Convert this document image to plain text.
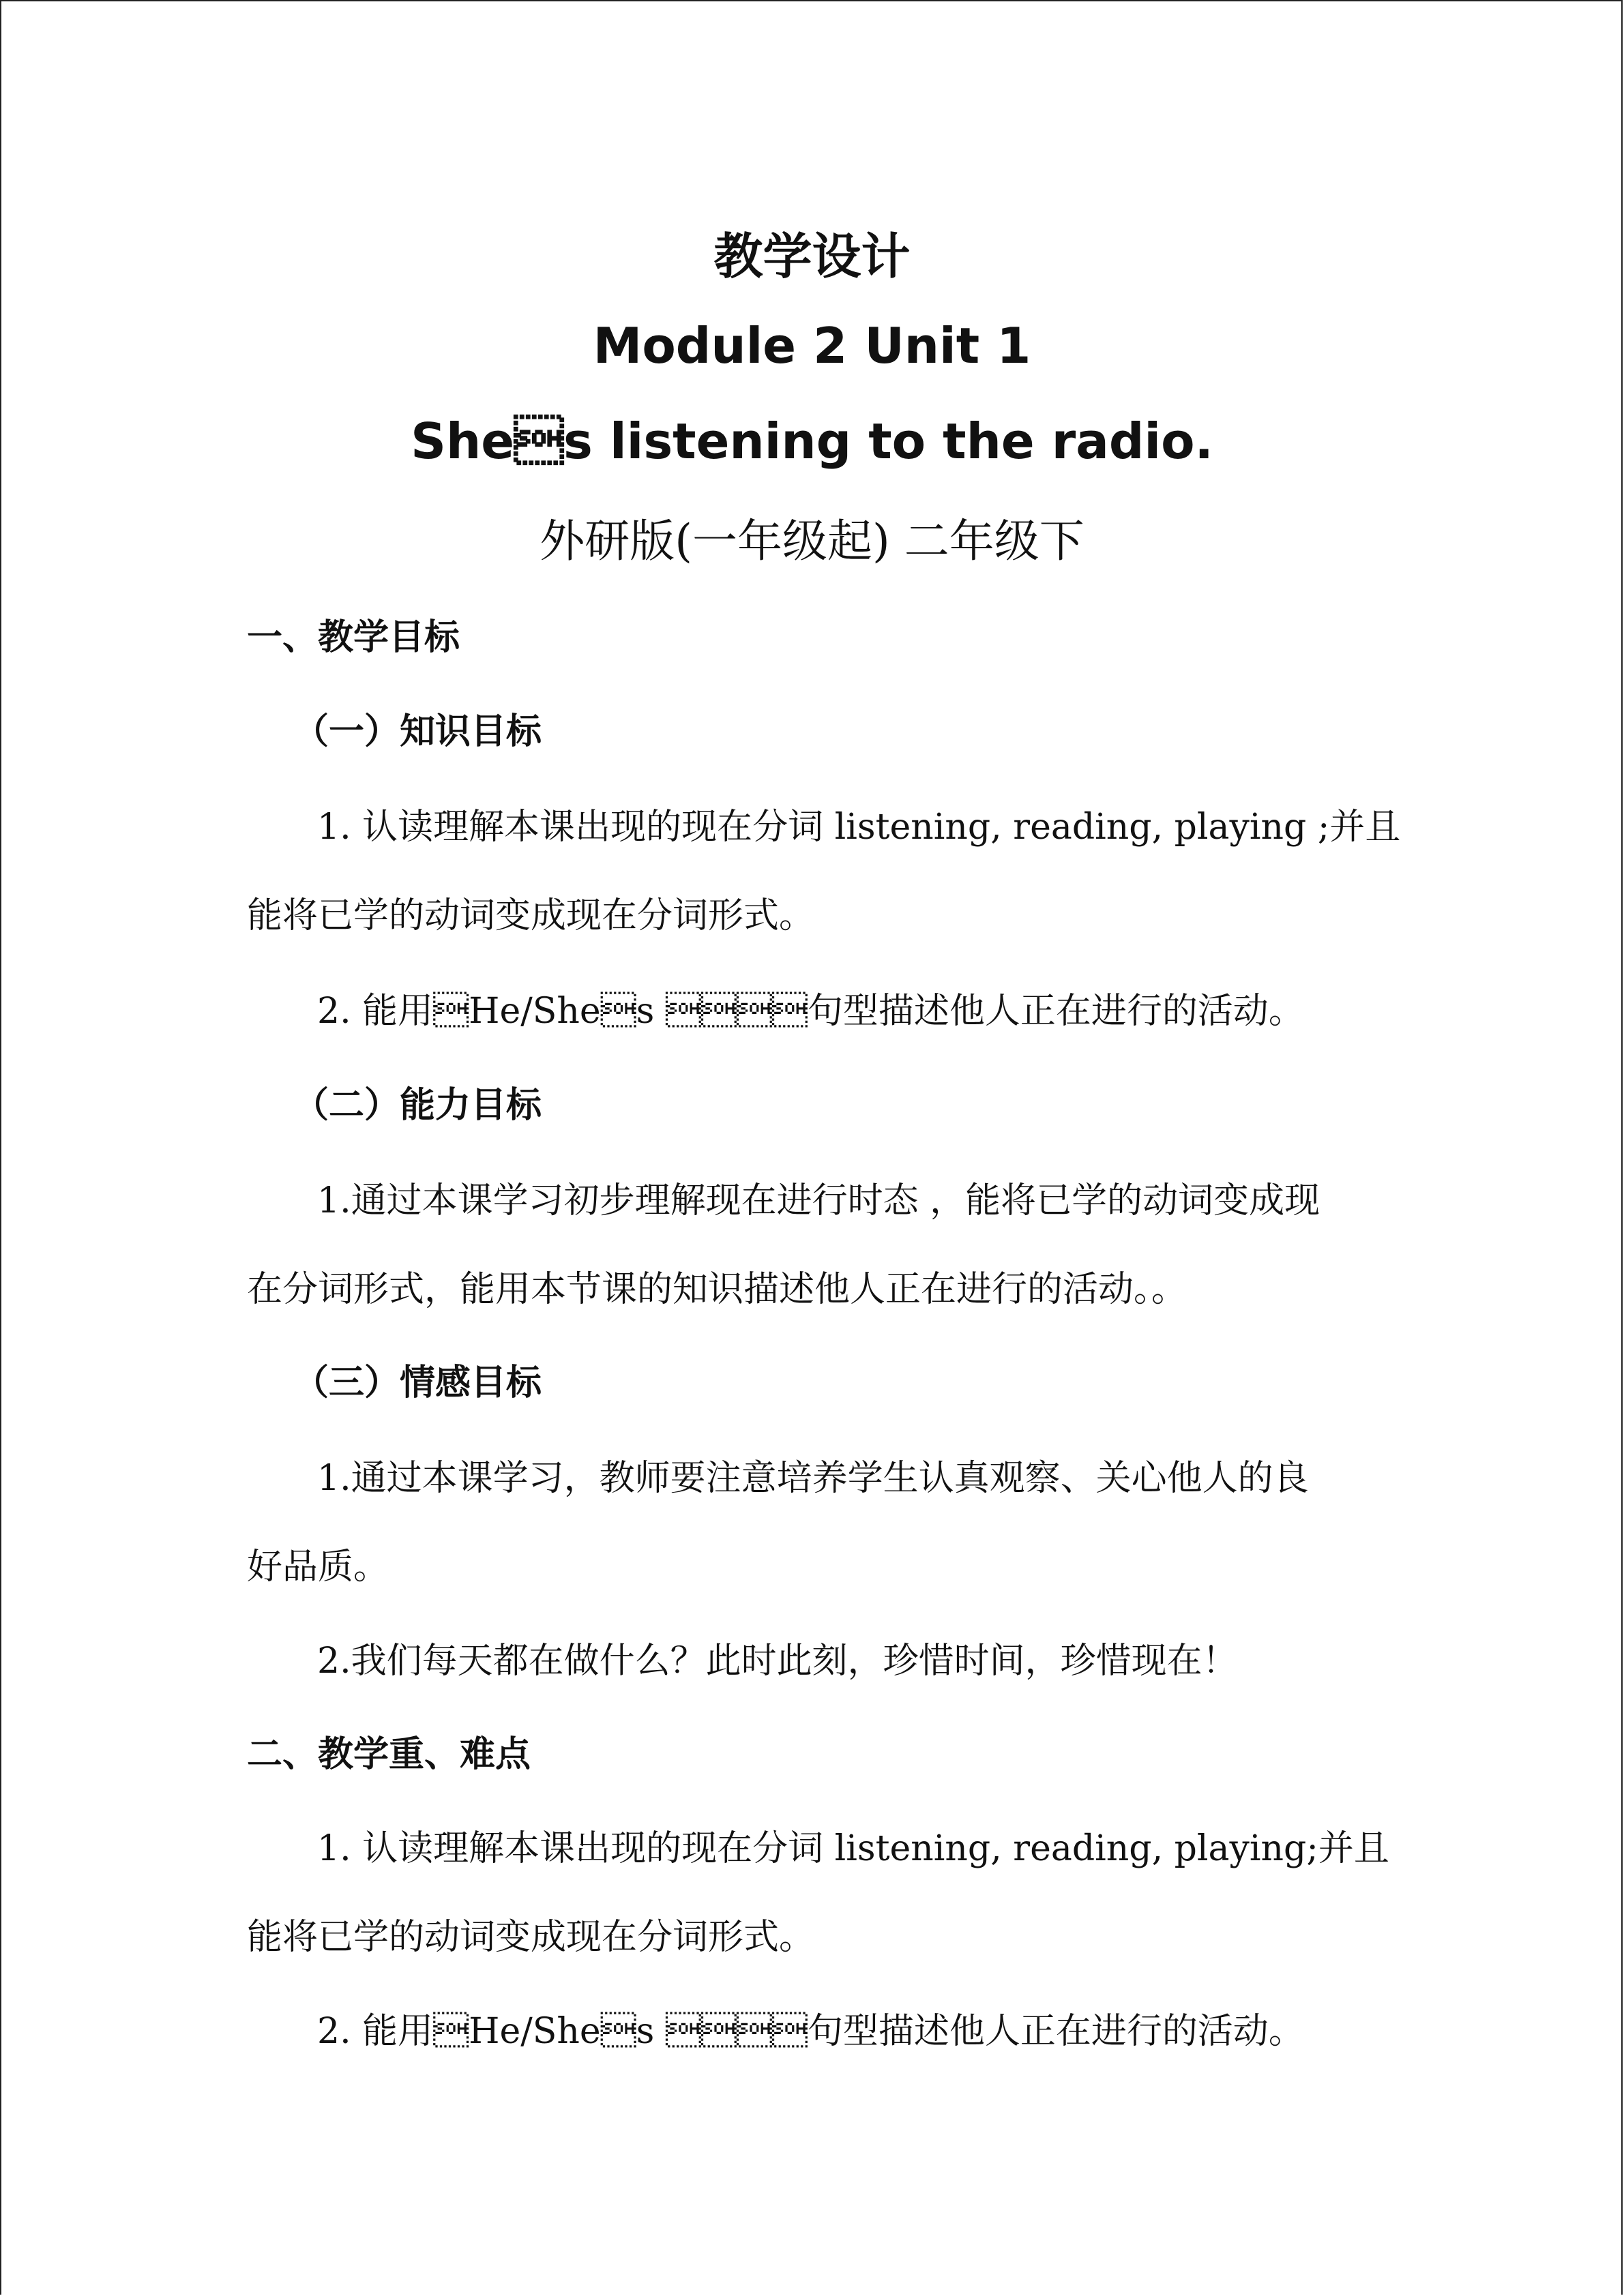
教学设计
Module 2 Unit 1
Shes listening to the radio.
外研版(一年级起) 二年级下
一、教学目标
（一）知识目标
1. 认读理解本课出现的现在分词 listening, reading, playing ;并且
能将已学的动词变成现在分词形式。
2. 能用He/Shes 句型描述他人正在进行的活动。
（二）能力目标
1.通过本课学习初步理解现在进行时态 ，能将已学的动词变成现
在分词形式，能用本节课的知识描述他人正在进行的活动。。
（三）情感目标
1.通过本课学习，教师要注意培养学生认真观察、关心他人的良
好品质。
2.我们每天都在做什么？此时此刻，珍惜时间，珍惜现在！
二、教学重、难点
1. 认读理解本课出现的现在分词 listening, reading, playing;并且
能将已学的动词变成现在分词形式。
2. 能用He/Shes 句型描述他人正在进行的活动。
